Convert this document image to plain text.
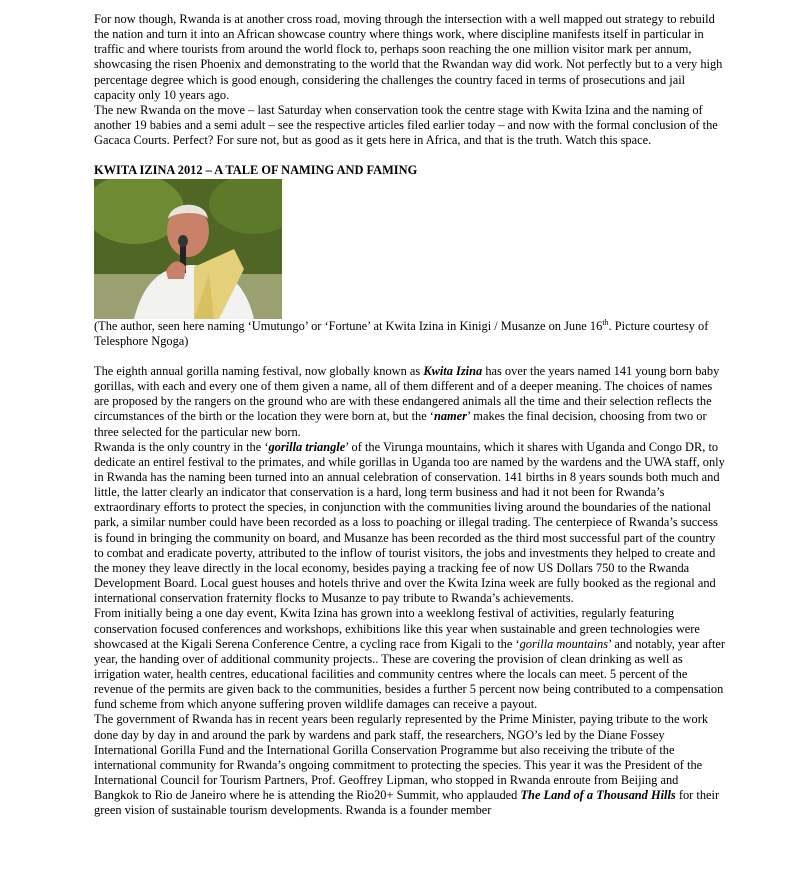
For now though, Rwanda is at another cross road, moving through the intersection with a well mapped out strategy to rebuild the nation and turn it into an African showcase country where things work, where discipline manifests itself in particular in traffic and where tourists from around the world flock to, perhaps soon reaching the one million visitor mark per annum, showcasing the risen Phoenix and demonstrating to the world that the Rwandan way did work. Not perfectly but to a very high percentage degree which is good enough, considering the challenges the country faced in terms of prosecutions and jail capacity only 10 years ago.

The new Rwanda on the move – last Saturday when conservation took the centre stage with Kwita Izina and the naming of another 19 babies and a semi adult – see the respective articles filed earlier today – and now with the formal conclusion of the Gacaca Courts. Perfect? For sure not, but as good as it gets here in Africa, and that is the truth. Watch this space.

KWITA IZINA 2012 – A TALE OF NAMING AND FAMING

(The author, seen here naming ‘Umutungo’ or ‘Fortune’ at Kwita Izina in Kinigi / Musanze on June 16th. Picture courtesy of Telesphore Ngoga)

The eighth annual gorilla naming festival, now globally known as Kwita Izina has over the years named 141 young born baby gorillas, with each and every one of them given a name, all of them different and of a deeper meaning. The choices of names are proposed by the rangers on the ground who are with these endangered animals all the time and their selection reflects the circumstances of the birth or the location they were born at, but the ‘namer’ makes the final decision, choosing from two or three selected for the particular new born.

Rwanda is the only country in the ‘gorilla triangle’ of the Virunga mountains, which it shares with Uganda and Congo DR, to dedicate an entirel festival to the primates, and while gorillas in Uganda too are named by the wardens and the UWA staff, only in Rwanda has the naming been turned into an annual celebration of conservation. 141 births in 8 years sounds both much and little, the latter clearly an indicator that conservation is a hard, long term business and had it not been for Rwanda’s extraordinary efforts to protect the species, in conjunction with the communities living around the boundaries of the national park, a similar number could have been recorded as a loss to poaching or illegal trading. The centerpiece of Rwanda’s success is found in bringing the community on board, and Musanze has been recorded as the third most successful part of the country to combat and eradicate poverty, attributed to the inflow of tourist visitors, the jobs and investments they helped to create and the money they leave directly in the local economy, besides paying a tracking fee of now US Dollars 750 to the Rwanda Development Board. Local guest houses and hotels thrive and over the Kwita Izina week are fully booked as the regional and international conservation fraternity flocks to Musanze to pay tribute to Rwanda’s achievements.

From initially being a one day event, Kwita Izina has grown into a weeklong festival of activities, regularly featuring conservation focused conferences and workshops, exhibitions like this year when sustainable and green technologies were showcased at the Kigali Serena Conference Centre, a cycling race from Kigali to the ‘gorilla mountains’ and notably, year after year, the handing over of additional community projects.. These are covering the provision of clean drinking as well as irrigation water, health centres, educational facilities and community centres where the locals can meet. 5 percent of the revenue of the permits are given back to the communities, besides a further 5 percent now being contributed to a compensation fund scheme from which anyone suffering proven wildlife damages can receive a payout.

The government of Rwanda has in recent years been regularly represented by the Prime Minister, paying tribute to the work done day by day in and around the park by wardens and park staff, the researchers, NGO’s led by the Diane Fossey International Gorilla Fund and the International Gorilla Conservation Programme but also receiving the tribute of the international community for Rwanda’s ongoing commitment to protecting the species. This year it was the President of the International Council for Tourism Partners, Prof. Geoffrey Lipman, who stopped in Rwanda enroute from Beijing and Bangkok to Rio de Janeiro where he is attending the Rio20+ Summit, who applauded The Land of a Thousand Hills for their green vision of sustainable tourism developments. Rwanda is a founder member
